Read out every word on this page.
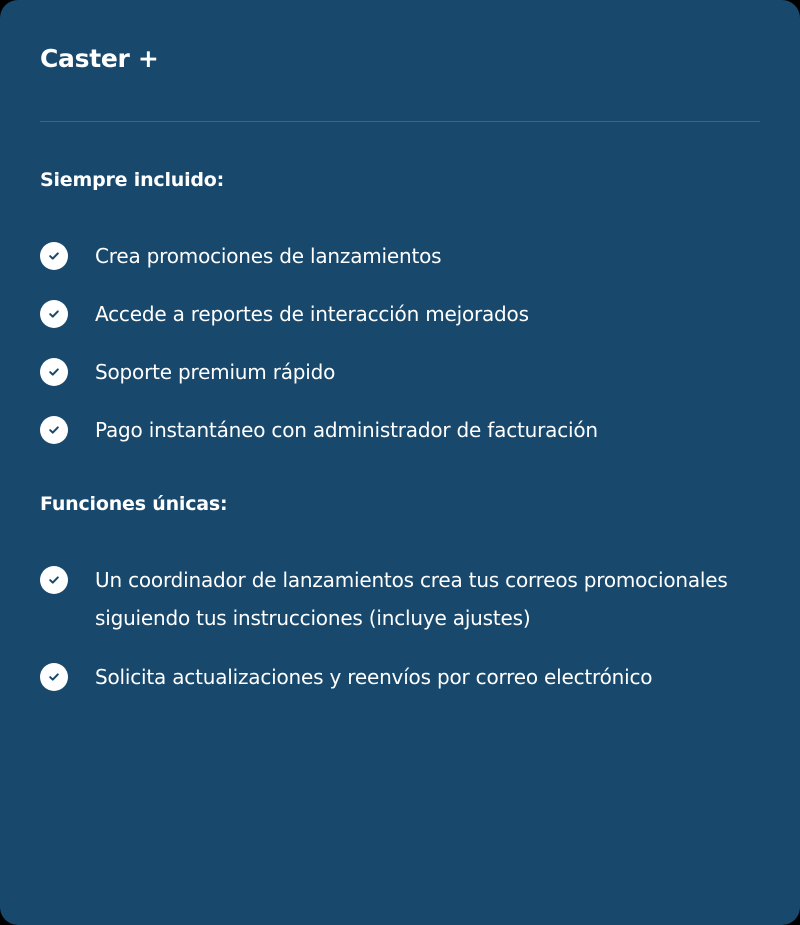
Caster +
Siempre incluido:
Crea promociones de lanzamientos
Accede a reportes de interacción mejorados
Soporte premium rápido
Pago instantáneo con administrador de facturación
Funciones únicas:
Un coordinador de lanzamientos crea tus correos promocionales siguiendo tus instrucciones (incluye ajustes)
Solicita actualizaciones y reenvíos por correo electrónico
